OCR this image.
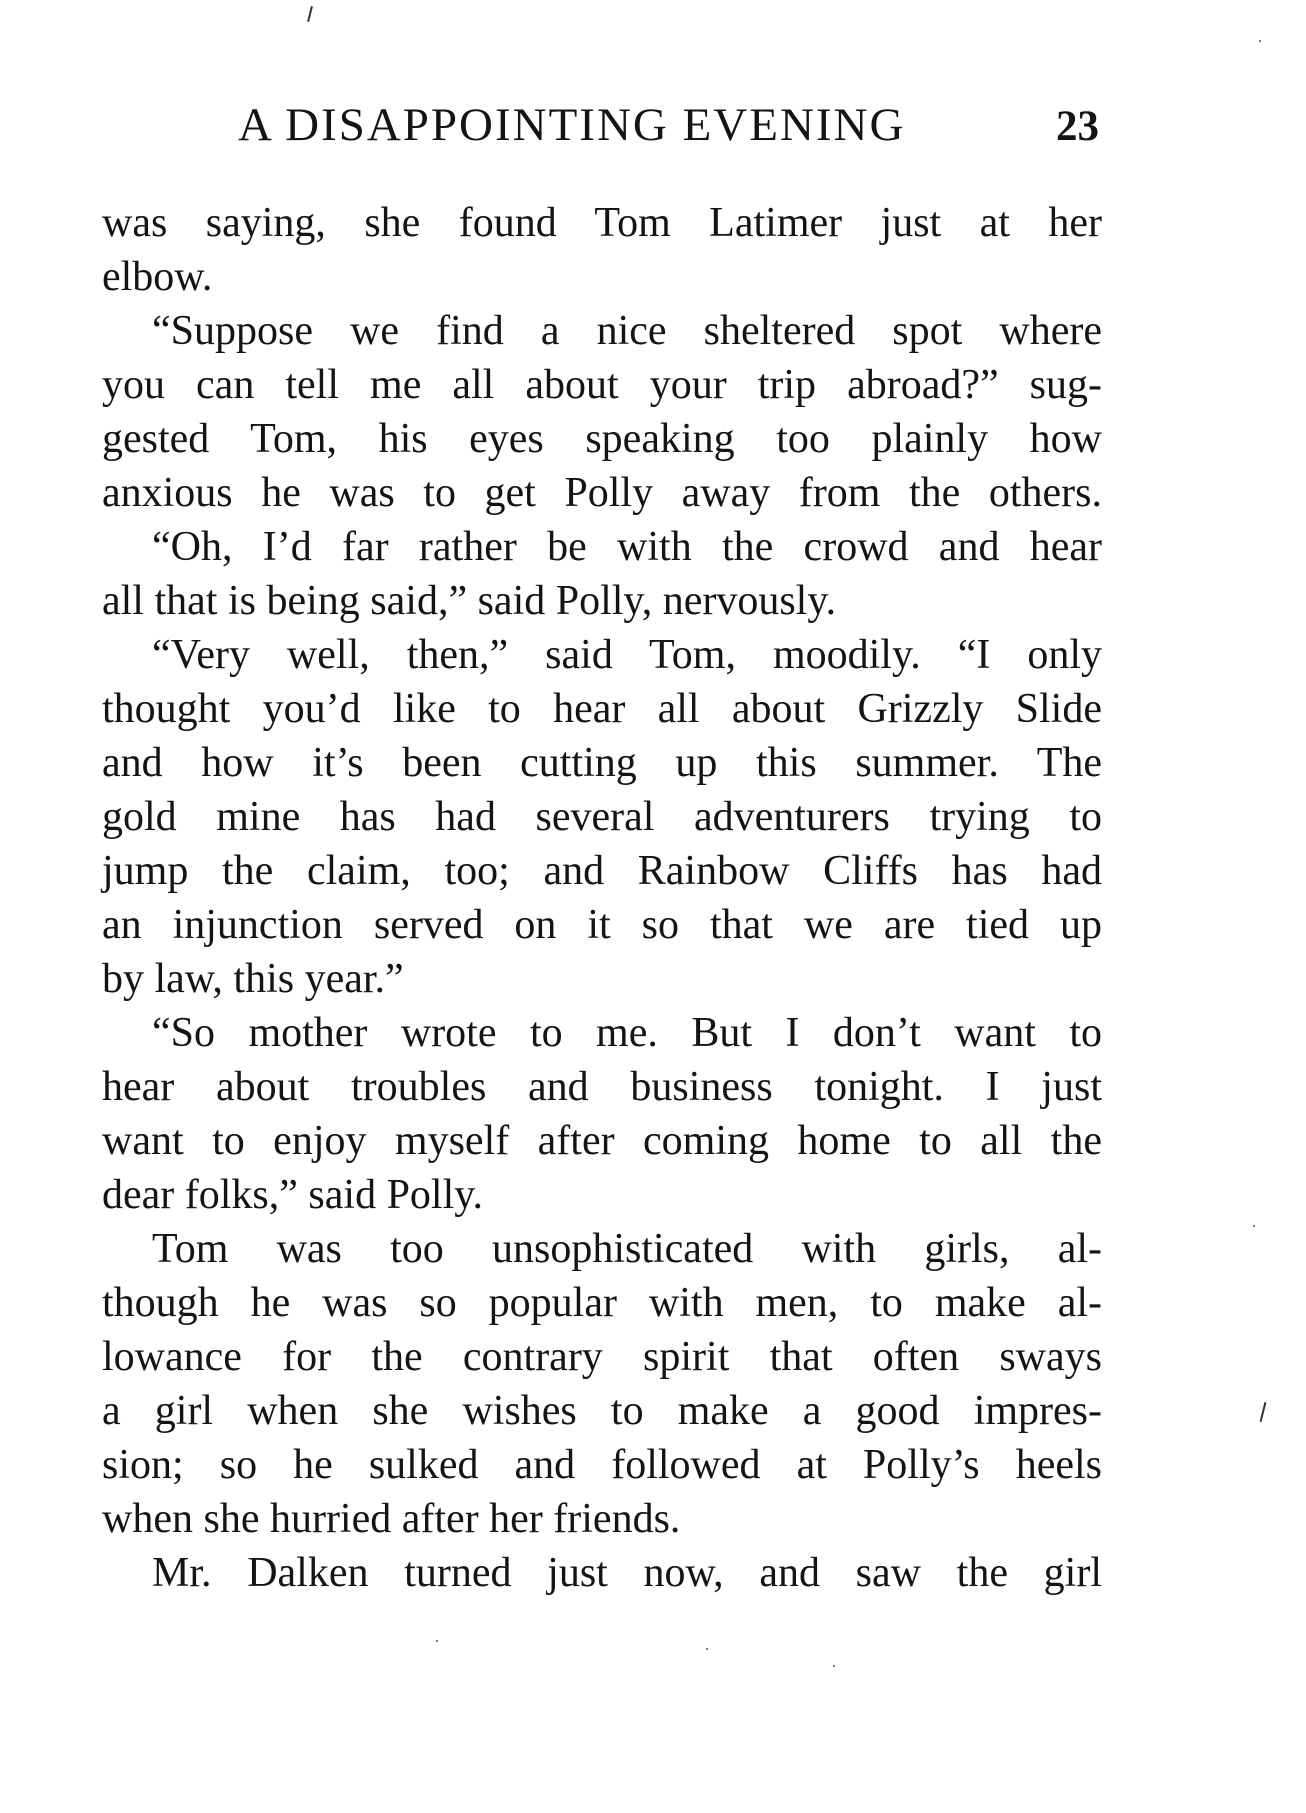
A DISAPPOINTING EVENING	23
was saying, she found Tom Latimer just at her
elbow.
“Suppose we find a nice sheltered spot where
you can tell me all about your trip abroad?” sug-
gested Tom, his eyes speaking too plainly how
anxious he was to get Polly away from the others.
“Oh, I’d far rather be with the crowd and hear
all that is being said,” said Polly, nervously.
“Very well, then,” said Tom, moodily. “I only
thought you’d like to hear all about Grizzly Slide
and how it’s been cutting up this summer. The
gold mine has had several adventurers trying to
jump the claim, too; and Rainbow Cliffs has had
an injunction served on it so that we are tied up
by law, this year.”
“So mother wrote to me. But I don’t want to
hear about troubles and business tonight. I just
want to enjoy myself after coming home to all the
dear folks,” said Polly.
Tom was too unsophisticated with girls, al-
though he was so popular with men, to make al-
lowance for the contrary spirit that often sways
a girl when she wishes to make a good impres-
sion; so he sulked and followed at Polly’s heels
when she hurried after her friends.
Mr. Dalken turned just now, and saw the girl
